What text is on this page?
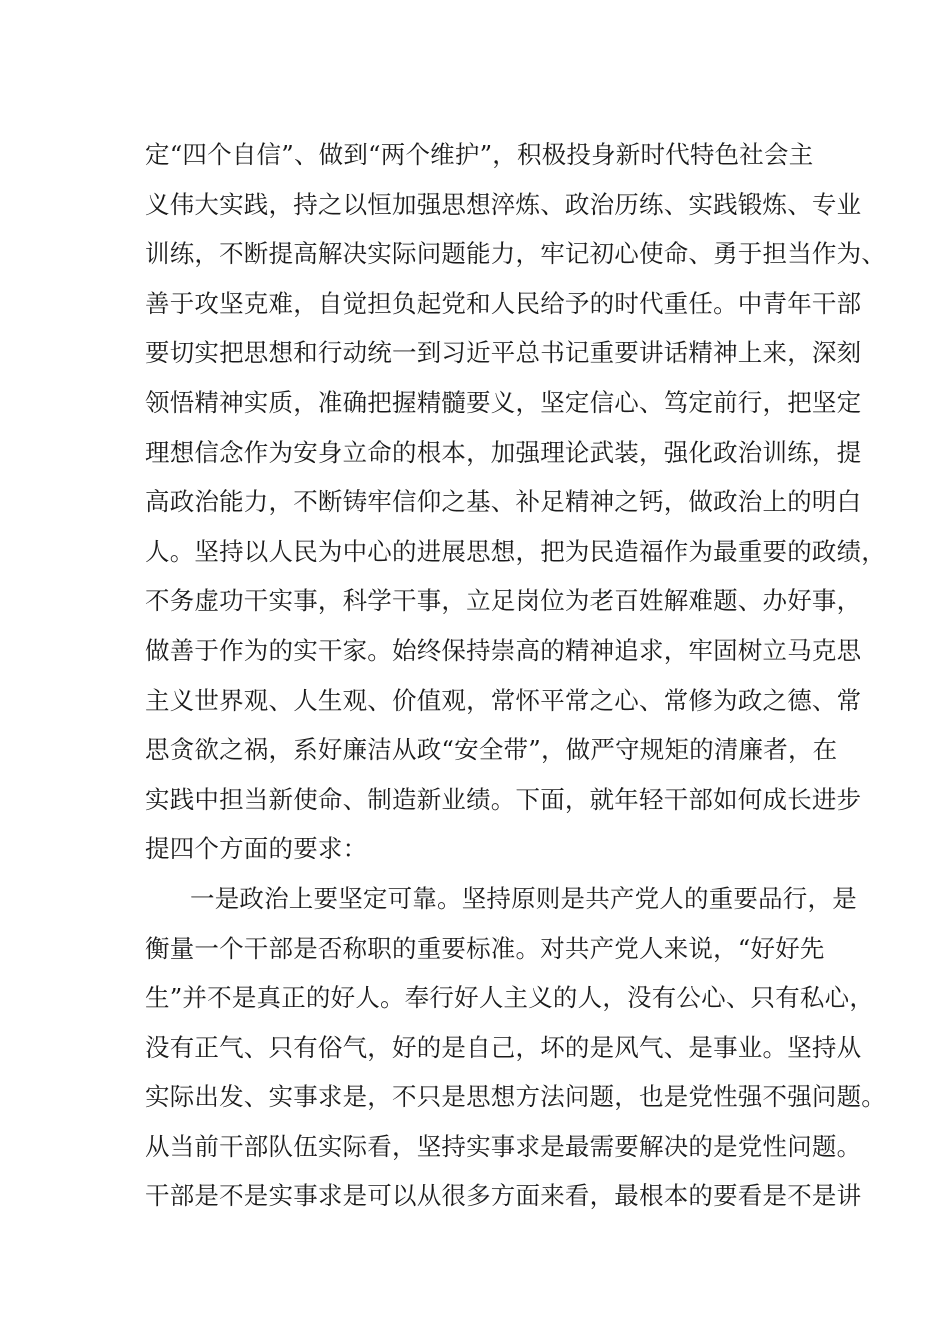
定“四个自信”、做到“两个维护”，积极投身新时代特色社会主
义伟大实践，持之以恒加强思想淬炼、政治历练、实践锻炼、专业
训练，不断提高解决实际问题能力，牢记初心使命、勇于担当作为、
善于攻坚克难，自觉担负起党和人民给予的时代重任。中青年干部
要切实把思想和行动统一到习近平总书记重要讲话精神上来，深刻
领悟精神实质，准确把握精髓要义，坚定信心、笃定前行，把坚定
理想信念作为安身立命的根本，加强理论武装，强化政治训练，提
高政治能力，不断铸牢信仰之基、补足精神之钙，做政治上的明白
人。坚持以人民为中心的进展思想，把为民造福作为最重要的政绩，
不务虚功干实事，科学干事，立足岗位为老百姓解难题、办好事，
做善于作为的实干家。始终保持崇高的精神追求，牢固树立马克思
主义世界观、人生观、价值观，常怀平常之心、常修为政之德、常
思贪欲之祸，系好廉洁从政“安全带”，做严守规矩的清廉者，在
实践中担当新使命、制造新业绩。下面，就年轻干部如何成长进步
提四个方面的要求：
一是政治上要坚定可靠。坚持原则是共产党人的重要品行，是
衡量一个干部是否称职的重要标准。对共产党人来说，“好好先
生”并不是真正的好人。奉行好人主义的人，没有公心、只有私心，
没有正气、只有俗气，好的是自己，坏的是风气、是事业。坚持从
实际出发、实事求是，不只是思想方法问题，也是党性强不强问题。
从当前干部队伍实际看，坚持实事求是最需要解决的是党性问题。
干部是不是实事求是可以从很多方面来看，最根本的要看是不是讲
